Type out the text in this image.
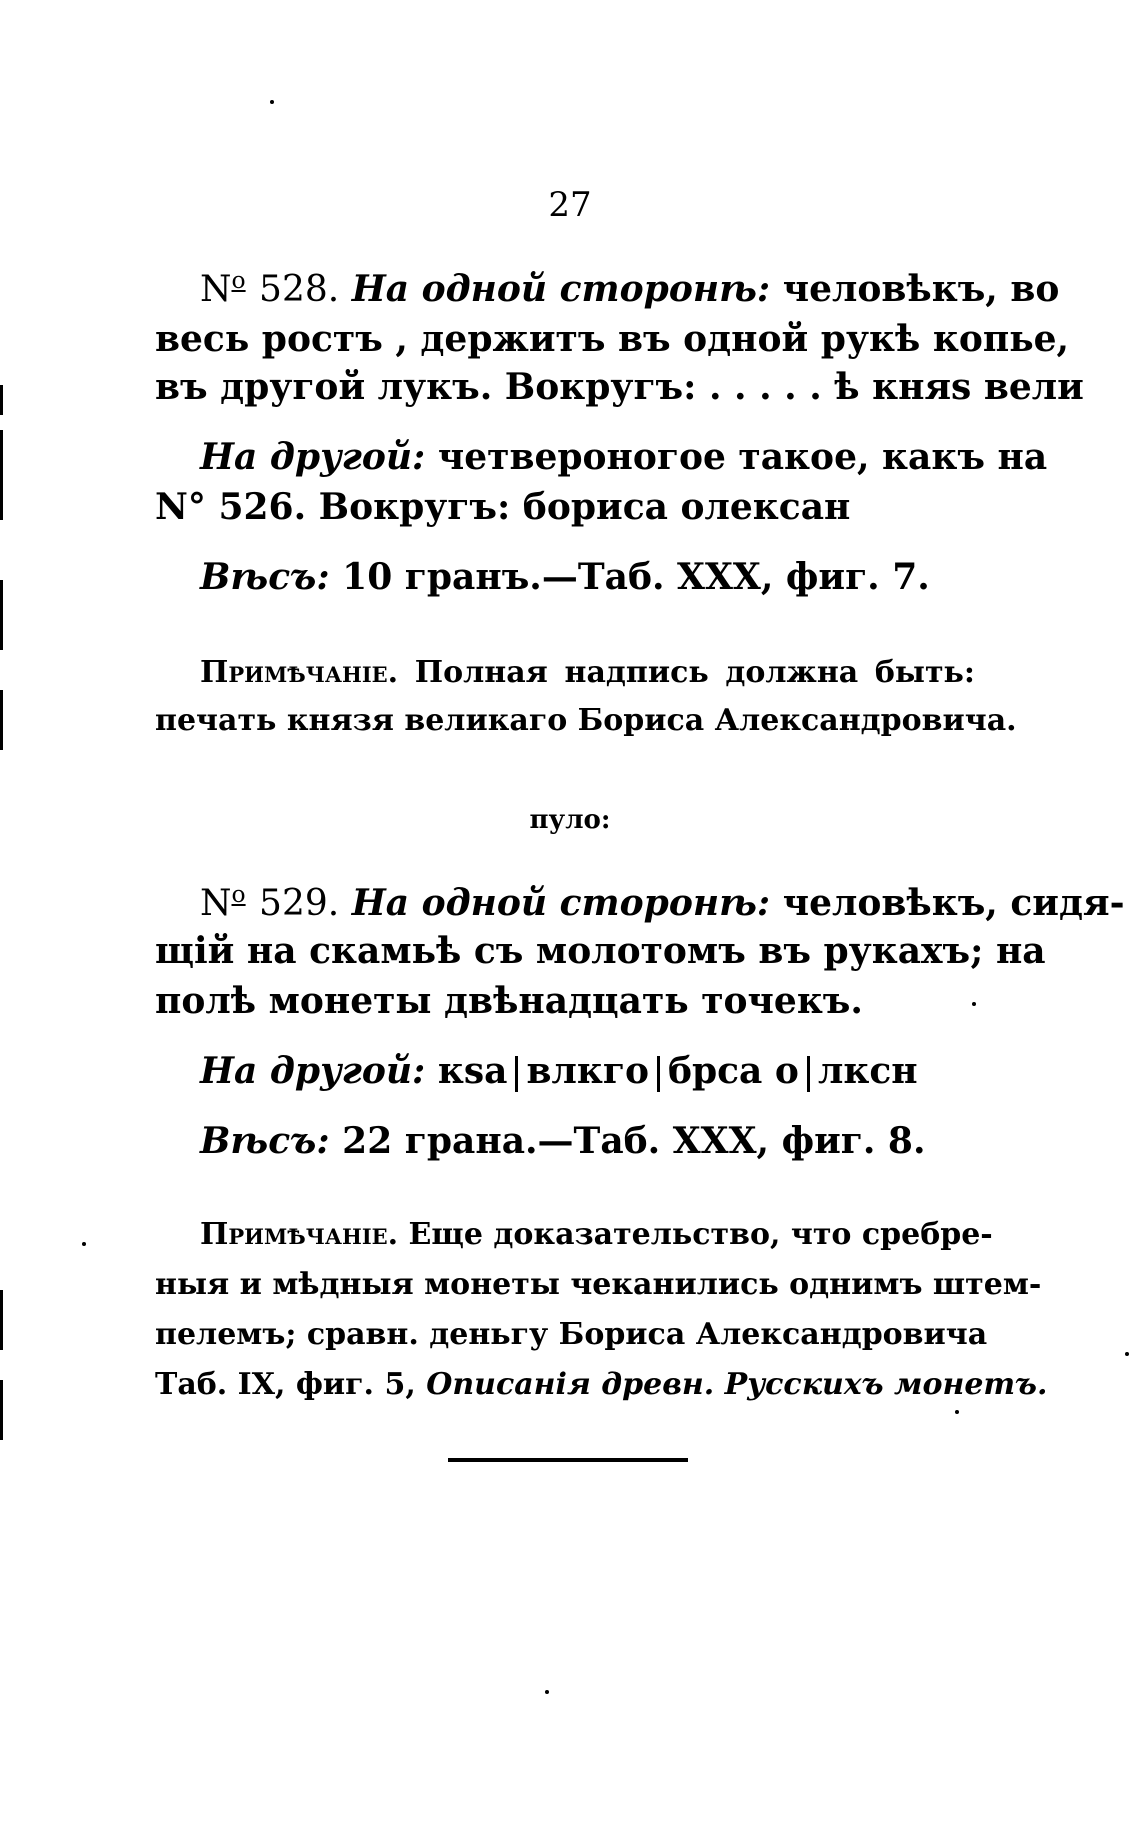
27
$N^o$ 528. На одной сторонѣ: человѣкъ, во
весь ростъ , держитъ въ одной рукѣ копье,
въ другой лукъ. Вокругъ: . . . . . ѣ княѕ вели
На другой: четвероногое такое, какъ на
N° 526. Вокругъ: бориса олексан
Вѣсъ: 10 гранъ.—Таб. XXX, фиг. 7.
Примѣчаніе. Полная надпись должна быть:
печать князя великаго Бориса Александровича.
пуло:
$N^o$ 529. На одной сторонѣ: человѣкъ, сидя-
щій на скамьѣ съ молотомъ въ рукахъ; на
полѣ монеты двѣнадцать точекъ.
На другой: кѕа влкго брса о лксн
Вѣсъ: 22 грана.—Таб. XXX, фиг. 8.
Примѣчаніе. Еще доказательство, что сребре-
ныя и мѣдныя монеты чеканились однимъ штем-
пелемъ; сравн. деньгу Бориса Александровича
Таб. IX, фиг. 5, Описанія древн. Русскихъ монетъ.
